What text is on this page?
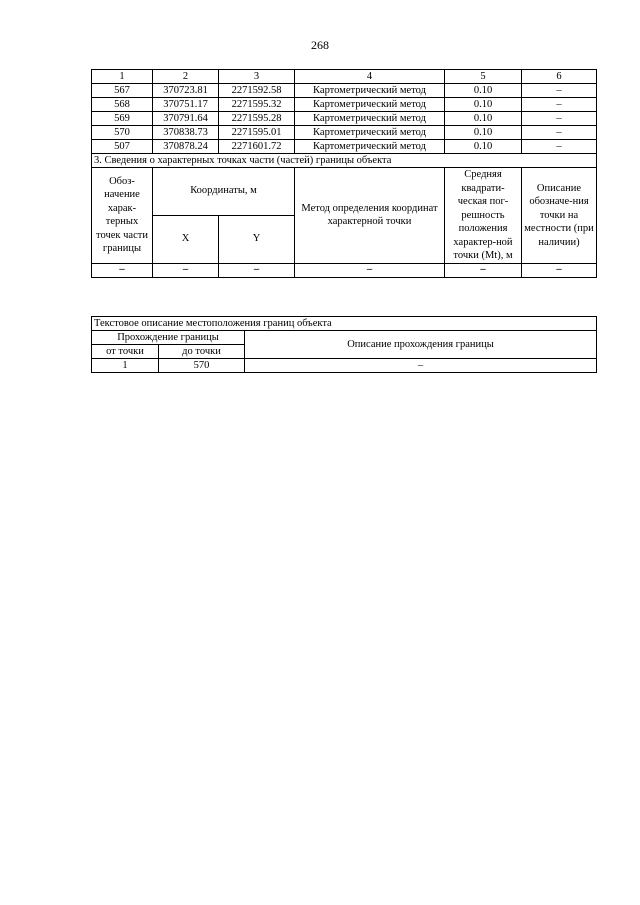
268
1	2	3	4	5	6
567	370723.81	2271592.58	Картометрический метод	0.10	–
568	370751.17	2271595.32	Картометрический метод	0.10	–
569	370791.64	2271595.28	Картометрический метод	0.10	–
570	370838.73	2271595.01	Картометрический метод	0.10	–
507	370878.24	2271601.72	Картометрический метод	0.10	–
3. Сведения о характерных точках части (частей) границы объекта					
Обоз-начение харак-терных точек части границы	Координаты, м		Метод определения координат характерной точки	Средняя квадрати-ческая пог-решность положения характер-ной точки (Mt), м	Описание обозначе-ния точки на местности (при наличии)
	X	Y			
–	–	–	–	–	–
Текстовое описание местоположения границ объекта		
Прохождение границы		Описание прохождения границы
от точки	до точки	
1	570	–
